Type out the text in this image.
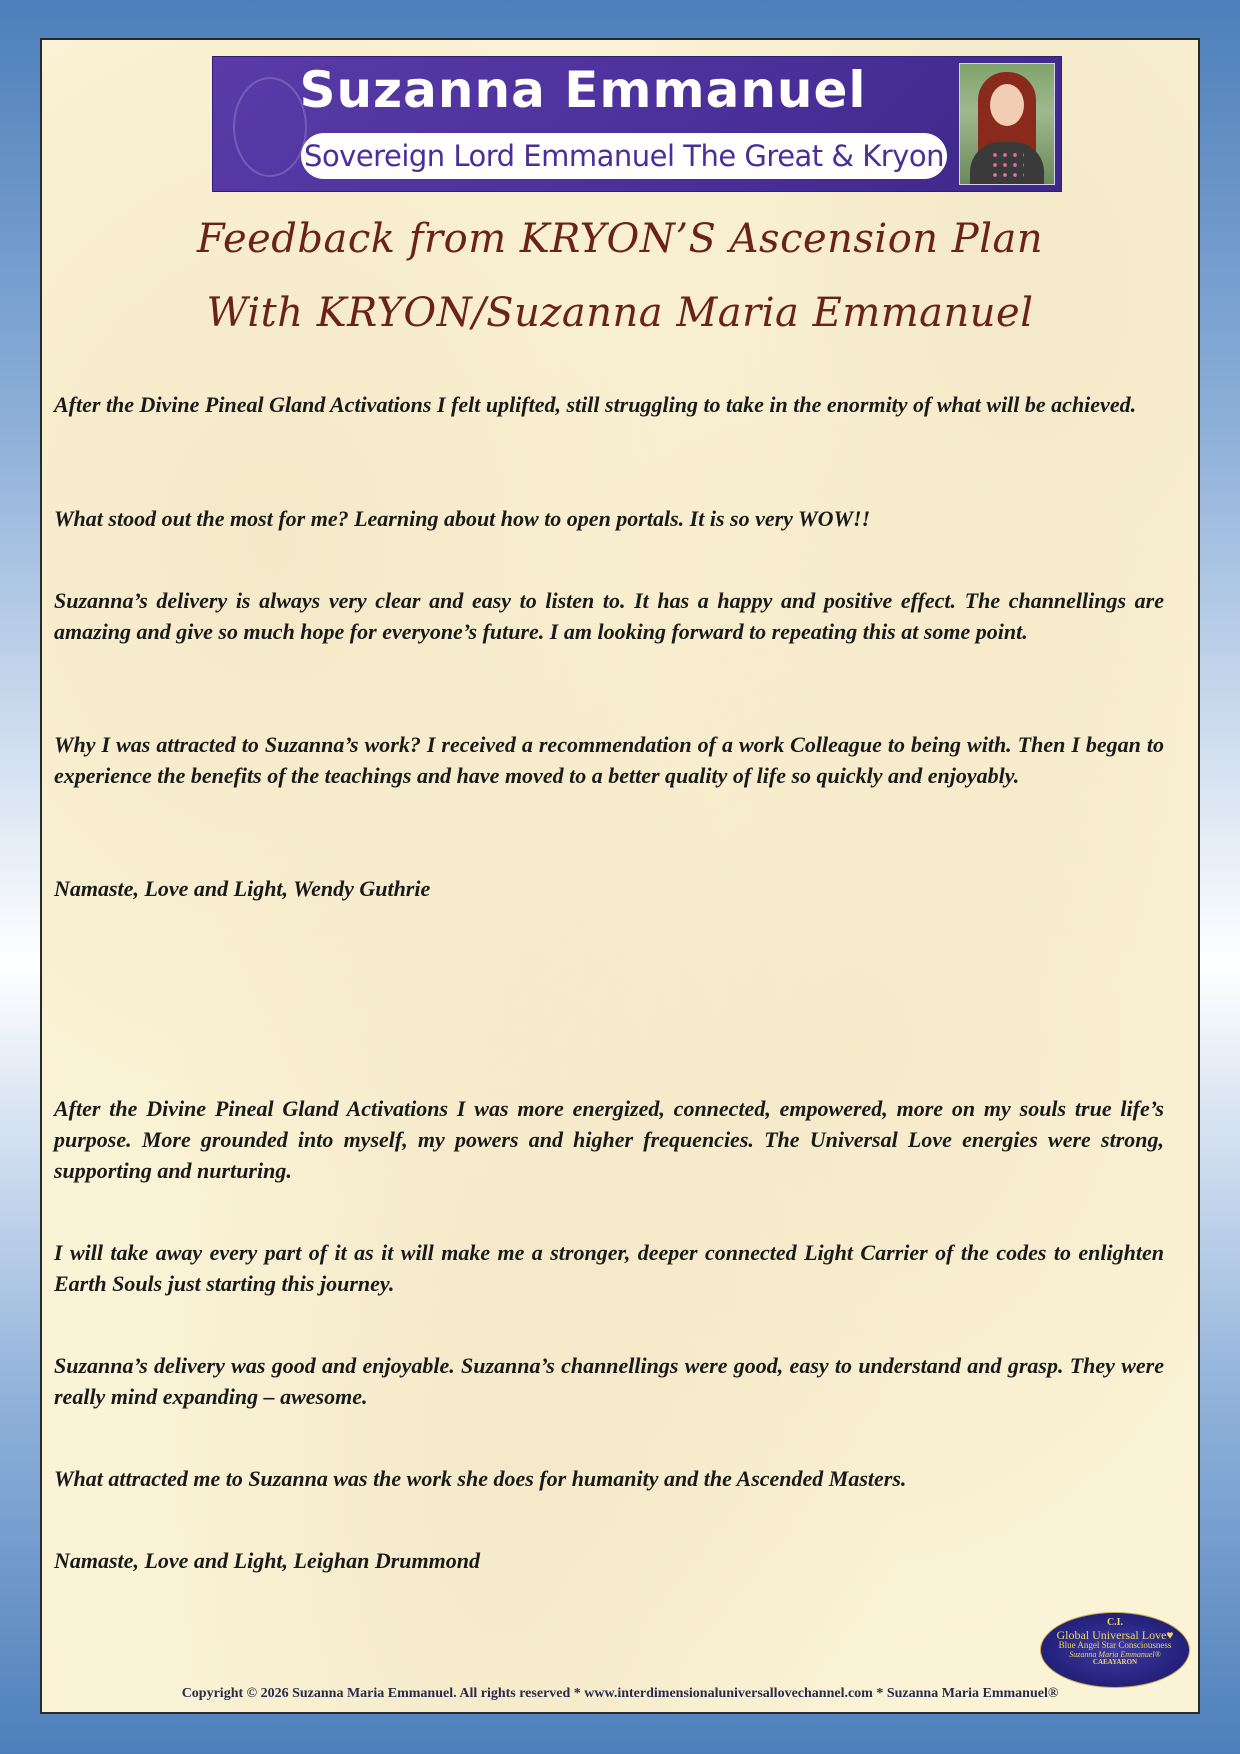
Suzanna Emmanuel
Sovereign Lord Emmanuel The Great & Kryon
Feedback from KRYON’S Ascension Plan
With KRYON/Suzanna Maria Emmanuel

After the Divine Pineal Gland Activations I felt uplifted, still struggling to take in the enormity of what will be achieved.

What stood out the most for me? Learning about how to open portals. It is so very WOW!!

Suzanna’s delivery is always very clear and easy to listen to. It has a happy and positive effect. The channellings are amazing and give so much hope for everyone’s future. I am looking forward to repeating this at some point.

Why I was attracted to Suzanna’s work? I received a recommendation of a work Colleague to being with. Then I began to experience the benefits of the teachings and have moved to a better quality of life so quickly and enjoyably.

Namaste, Love and Light, Wendy Guthrie

After the Divine Pineal Gland Activations I was more energized, connected, empowered, more on my souls true life’s purpose. More grounded into myself, my powers and higher frequencies. The Universal Love energies were strong, supporting and nurturing.

I will take away every part of it as it will make me a stronger, deeper connected Light Carrier of the codes to enlighten Earth Souls just starting this journey.

Suzanna’s delivery was good and enjoyable. Suzanna’s channellings were good, easy to understand and grasp. They were really mind expanding – awesome.

What attracted me to Suzanna was the work she does for humanity and the Ascended Masters.

Namaste, Love and Light, Leighan Drummond

C.I.
Global Universal Love♥
Blue Angel Star Consciousness
Suzanna Maria Emmanuel®
CAEAYARON
Copyright © 2026 Suzanna Maria Emmanuel. All rights reserved * www.interdimensionaluniversallovechannel.com * Suzanna Maria Emmanuel®
